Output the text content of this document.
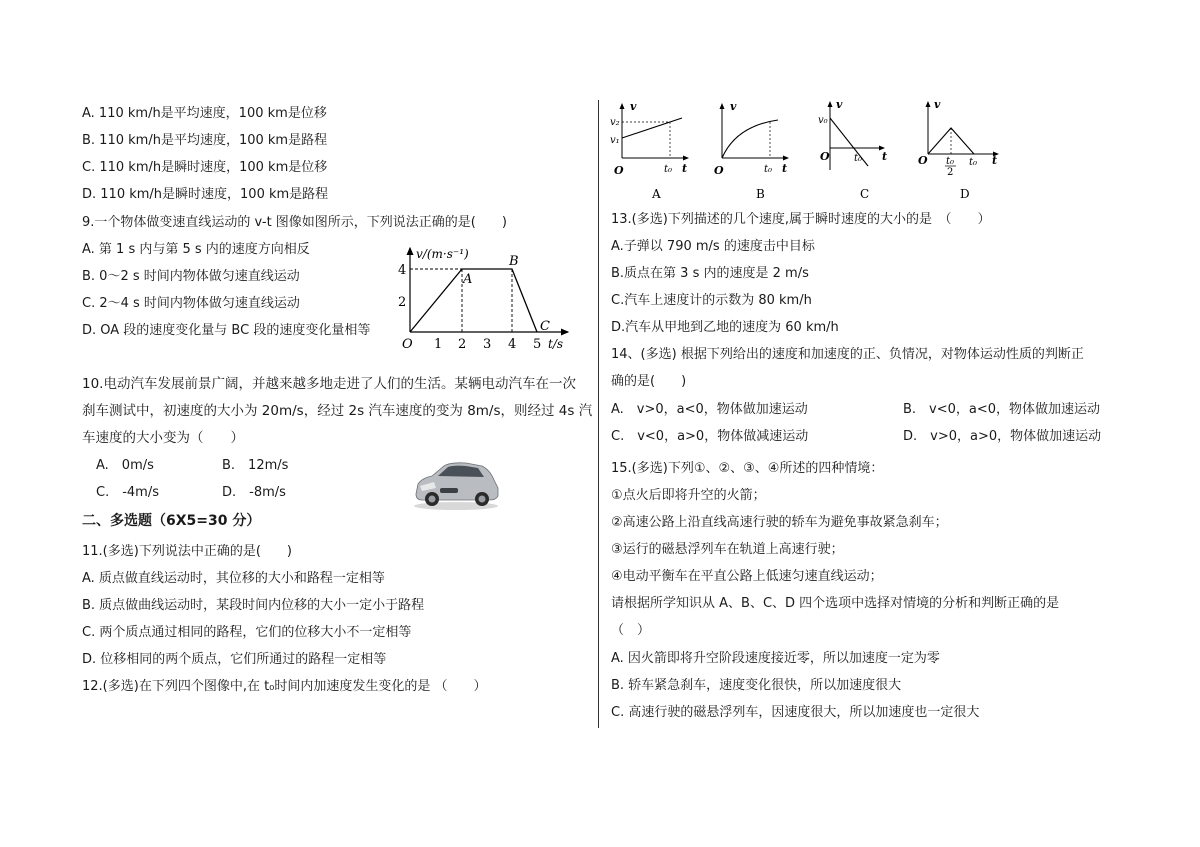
A. 110 km/h是平均速度，100 km是位移
B. 110 km/h是平均速度，100 km是路程
C. 110 km/h是瞬时速度，100 km是位移
D. 110 km/h是瞬时速度，100 km是路程
9.一个物体做变速直线运动的 v-t 图像如图所示，下列说法正确的是(　　)
A. 第 1 s 内与第 5 s 内的速度方向相反
B. 0～2 s 时间内物体做匀速直线运动
C. 2～4 s 时间内物体做匀速直线运动
D. OA 段的速度变化量与 BC 段的速度变化量相等
v/(m·s⁻¹)
O	t/s
1 2 3 4 5
2
4
A
B
C
10.电动汽车发展前景广阔，并越来越多地走进了人们的生活。某辆电动汽车在一次
刹车测试中，初速度的大小为 20m/s，经过 2s 汽车速度的变为 8m/s，则经过 4s 汽
车速度的大小变为（　　）
A.　0m/s	B.　12m/s
C.　-4m/s	D.　-8m/s
二、多选题（6X5=30 分）
11.(多选)下列说法中正确的是(　　)
A. 质点做直线运动时，其位移的大小和路程一定相等
B. 质点做曲线运动时，某段时间内位移的大小一定小于路程
C. 两个质点通过相同的路程，它们的位移大小不一定相等
D. 位移相同的两个质点，它们所通过的路程一定相等
12.(多选)在下列四个图像中,在 t₀时间内加速度发生变化的是 （　　）
v
v₂
v₁
t₀ t
O
A
v
t₀ t
O
B
v
v₀
t₀ t
O
C
v
t₀
2
t₀ t
O
D
13.(多选)下列描述的几个速度,属于瞬时速度的大小的是　（　　）
A.子弹以 790 m/s 的速度击中目标
B.质点在第 3 s 内的速度是 2 m/s
C.汽车上速度计的示数为 80 km/h
D.汽车从甲地到乙地的速度为 60 km/h
14、(多选) 根据下列给出的速度和加速度的正、负情况，对物体运动性质的判断正
确的是(　　)
A.　v>0，a<0，物体做加速运动	B.　v<0，a<0，物体做加速运动
C.　v<0，a>0，物体做减速运动	D.　v>0，a>0，物体做加速运动
15.(多选)下列①、②、③、④所述的四种情境：
①点火后即将升空的火箭；
②高速公路上沿直线高速行驶的轿车为避免事故紧急刹车；
③运行的磁悬浮列车在轨道上高速行驶；
④电动平衡车在平直公路上低速匀速直线运动；
请根据所学知识从 A、B、C、D 四个选项中选择对情境的分析和判断正确的是
（　）
A. 因火箭即将升空阶段速度接近零，所以加速度一定为零
B. 轿车紧急刹车，速度变化很快，所以加速度很大
C. 高速行驶的磁悬浮列车，因速度很大，所以加速度也一定很大
